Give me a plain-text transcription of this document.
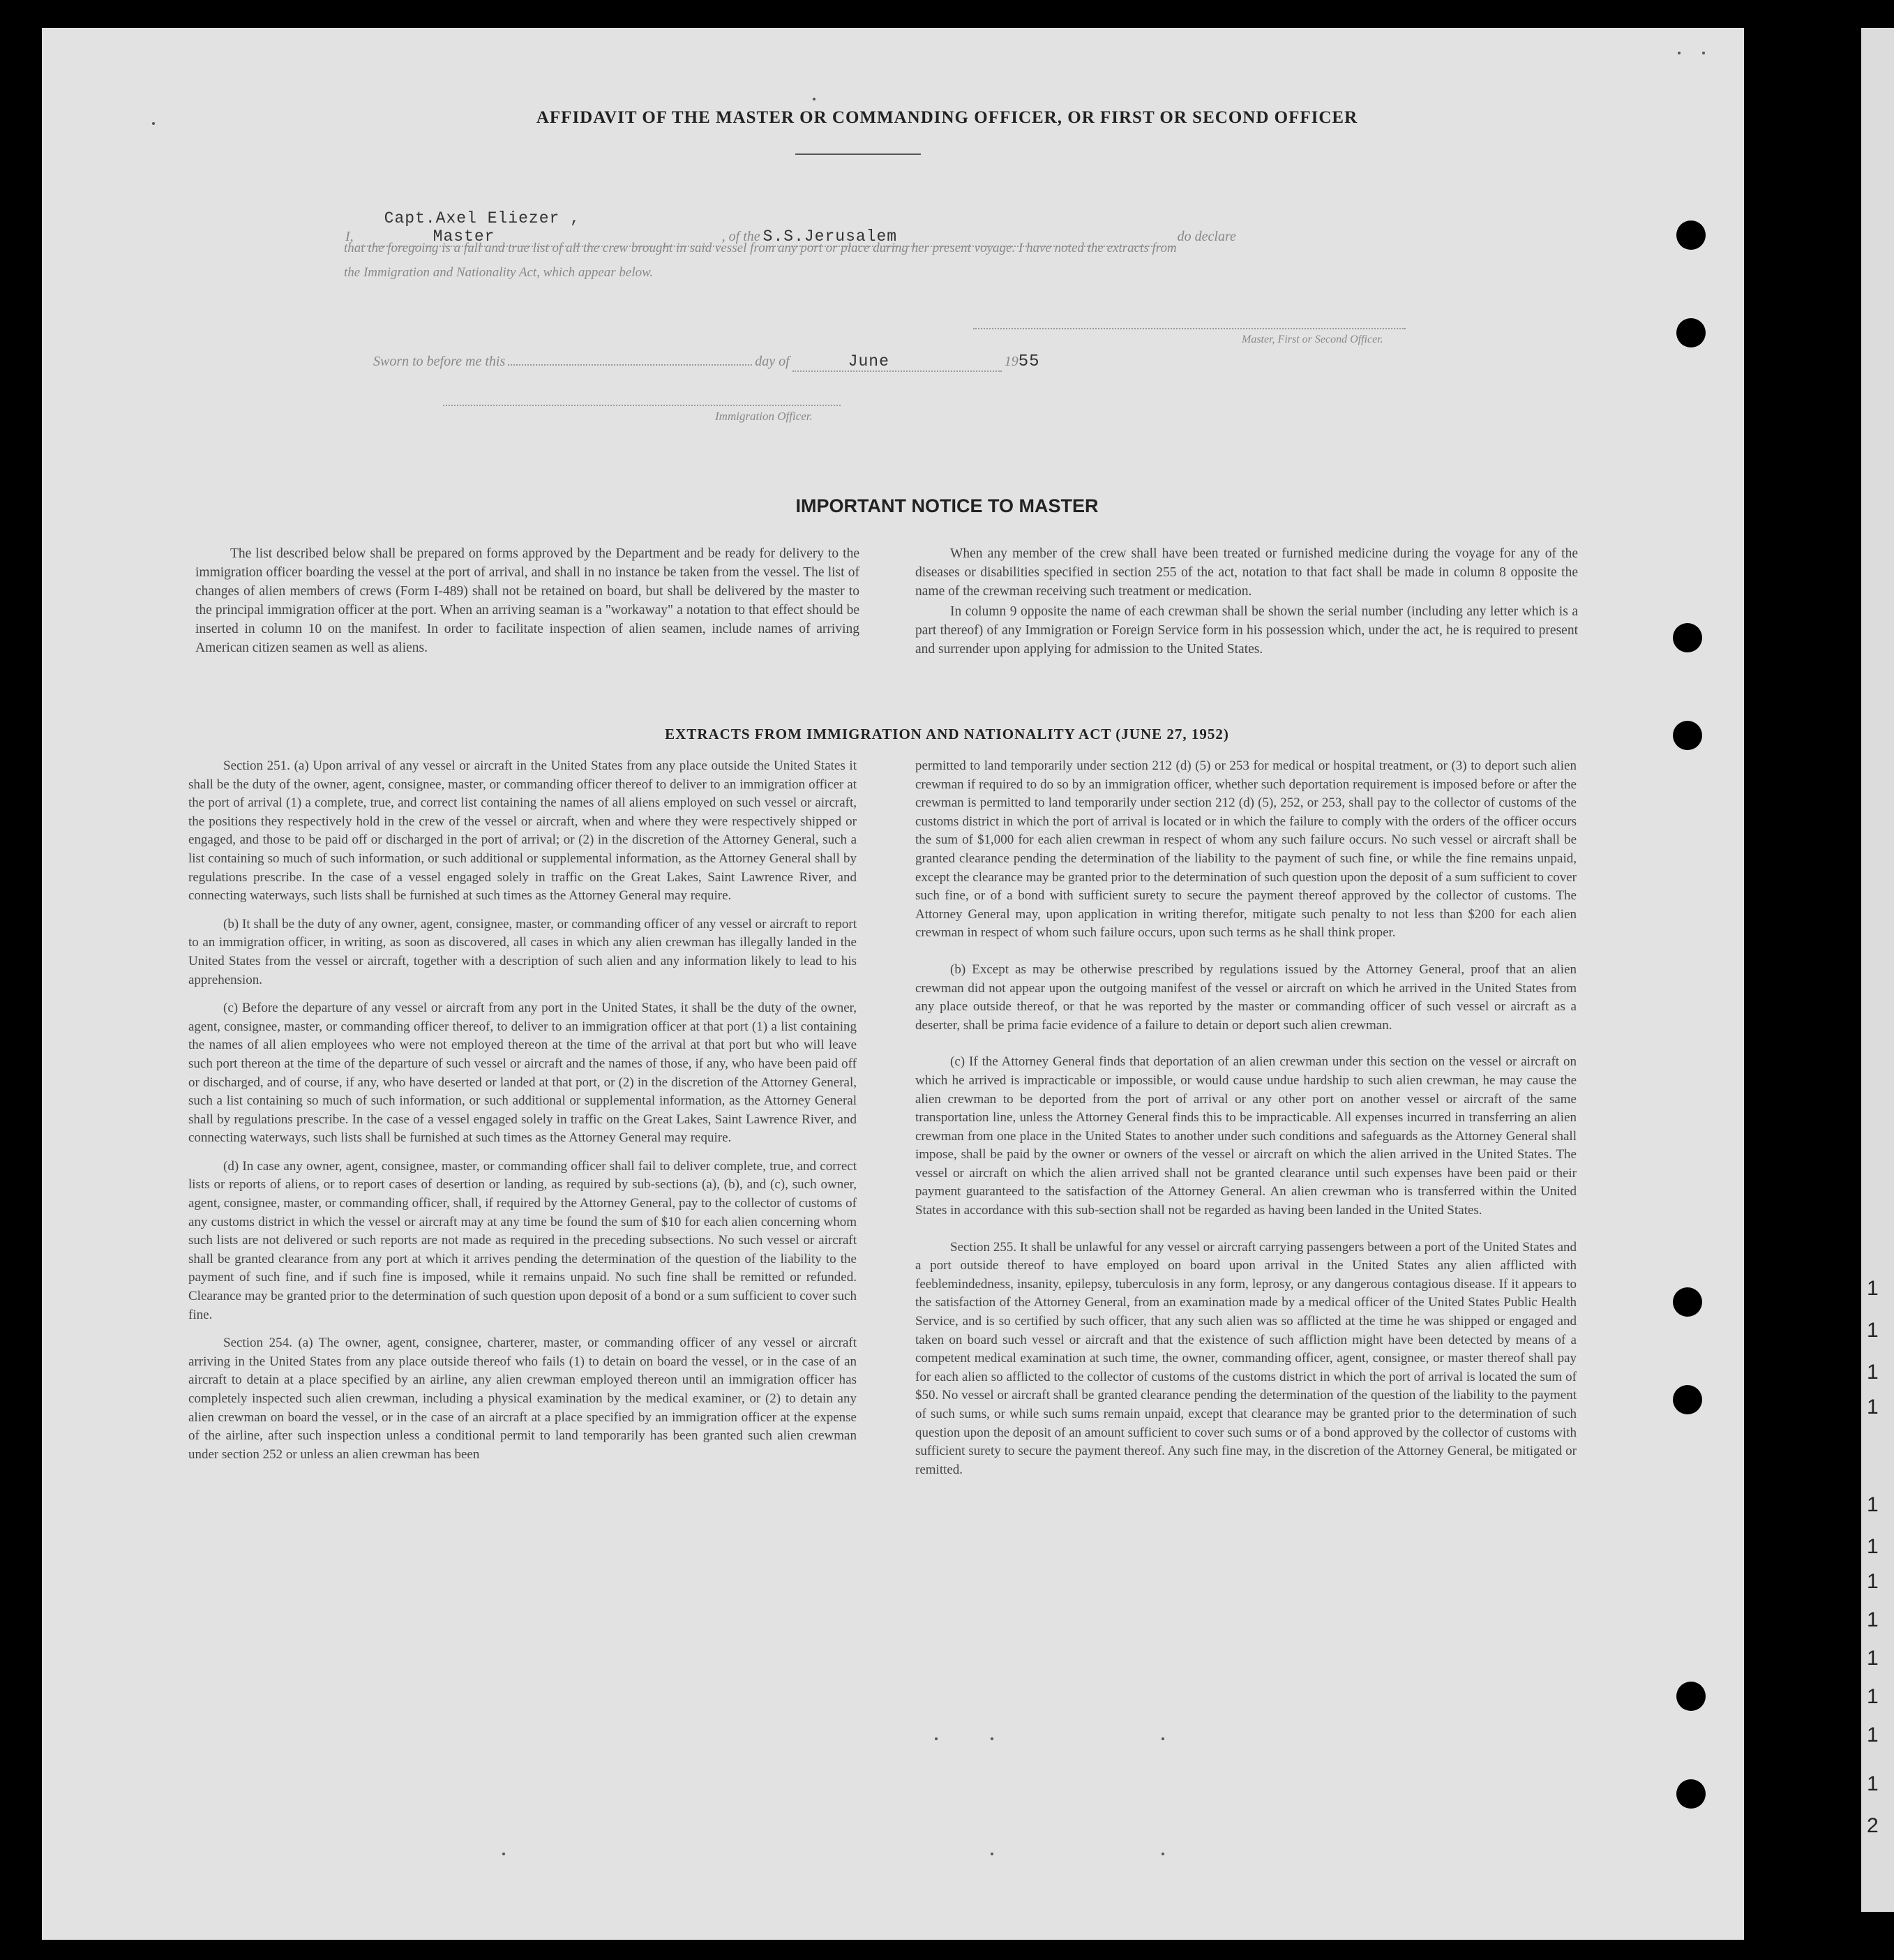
1
1
1
1
1
1
1
1
1
1
1
1
2
AFFIDAVIT OF THE MASTER OR COMMANDING OFFICER, OR FIRST OR SECOND OFFICER
I, Capt.Axel Eliezer , Master	, of the S.S.Jerusalem	do declare
that the foregoing is a full and true list of all the crew brought in said vessel from any port or place during her present voyage. I have noted the extracts from
the Immigration and Nationality Act, which appear below.
Master, First or Second Officer.
Sworn to before me this	day of	June	1955
Immigration Officer.
IMPORTANT NOTICE TO MASTER

The list described below shall be prepared on forms approved by the Department and be ready for delivery to the immigration officer boarding the vessel at the port of arrival, and shall in no instance be taken from the vessel. The list of changes of alien members of crews (Form I-489) shall not be retained on board, but shall be delivered by the master to the principal immigration officer at the port. When an arriving seaman is a "workaway" a notation to that effect should be inserted in column 10 on the manifest. In order to facilitate inspection of alien seamen, include names of arriving American citizen seamen as well as aliens.

When any member of the crew shall have been treated or furnished medicine during the voyage for any of the diseases or disabilities specified in section 255 of the act, notation to that fact shall be made in column 8 opposite the name of the crewman receiving such treatment or medication.

In column 9 opposite the name of each crewman shall be shown the serial number (including any letter which is a part thereof) of any Immigration or Foreign Service form in his possession which, under the act, he is required to present and surrender upon applying for admission to the United States.

EXTRACTS FROM IMMIGRATION AND NATIONALITY ACT (JUNE 27, 1952)

Section 251. (a) Upon arrival of any vessel or aircraft in the United States from any place outside the United States it shall be the duty of the owner, agent, consignee, master, or commanding officer thereof to deliver to an immigration officer at the port of arrival (1) a complete, true, and correct list containing the names of all aliens employed on such vessel or aircraft, the positions they respectively hold in the crew of the vessel or aircraft, when and where they were respectively shipped or engaged, and those to be paid off or discharged in the port of arrival; or (2) in the discretion of the Attorney General, such a list containing so much of such information, or such additional or supplemental information, as the Attorney General shall by regulations prescribe. In the case of a vessel engaged solely in traffic on the Great Lakes, Saint Lawrence River, and connecting waterways, such lists shall be furnished at such times as the Attorney General may require.

(b) It shall be the duty of any owner, agent, consignee, master, or commanding officer of any vessel or aircraft to report to an immigration officer, in writing, as soon as discovered, all cases in which any alien crewman has illegally landed in the United States from the vessel or aircraft, together with a description of such alien and any information likely to lead to his apprehension.

(c) Before the departure of any vessel or aircraft from any port in the United States, it shall be the duty of the owner, agent, consignee, master, or commanding officer thereof, to deliver to an immigration officer at that port (1) a list containing the names of all alien employees who were not employed thereon at the time of the arrival at that port but who will leave such port thereon at the time of the departure of such vessel or aircraft and the names of those, if any, who have been paid off or discharged, and of course, if any, who have deserted or landed at that port, or (2) in the discretion of the Attorney General, such a list containing so much of such information, or such additional or supplemental information, as the Attorney General shall by regulations prescribe. In the case of a vessel engaged solely in traffic on the Great Lakes, Saint Lawrence River, and connecting waterways, such lists shall be furnished at such times as the Attorney General may require.

(d) In case any owner, agent, consignee, master, or commanding officer shall fail to deliver complete, true, and correct lists or reports of aliens, or to report cases of desertion or landing, as required by sub-sections (a), (b), and (c), such owner, agent, consignee, master, or commanding officer, shall, if required by the Attorney General, pay to the collector of customs of any customs district in which the vessel or aircraft may at any time be found the sum of $10 for each alien concerning whom such lists are not delivered or such reports are not made as required in the preceding subsections. No such vessel or aircraft shall be granted clearance from any port at which it arrives pending the determination of the question of the liability to the payment of such fine, and if such fine is imposed, while it remains unpaid. No such fine shall be remitted or refunded. Clearance may be granted prior to the determination of such question upon deposit of a bond or a sum sufficient to cover such fine.

Section 254. (a) The owner, agent, consignee, charterer, master, or commanding officer of any vessel or aircraft arriving in the United States from any place outside thereof who fails (1) to detain on board the vessel, or in the case of an aircraft to detain at a place specified by an airline, any alien crewman employed thereon until an immigration officer has completely inspected such alien crewman, including a physical examination by the medical examiner, or (2) to detain any alien crewman on board the vessel, or in the case of an aircraft at a place specified by an immigration officer at the expense of the airline, after such inspection unless a conditional permit to land temporarily has been granted such alien crewman under section 252 or unless an alien crewman has been

permitted to land temporarily under section 212 (d) (5) or 253 for medical or hospital treatment, or (3) to deport such alien crewman if required to do so by an immigration officer, whether such deportation requirement is imposed before or after the crewman is permitted to land temporarily under section 212 (d) (5), 252, or 253, shall pay to the collector of customs of the customs district in which the port of arrival is located or in which the failure to comply with the orders of the officer occurs the sum of $1,000 for each alien crewman in respect of whom any such failure occurs. No such vessel or aircraft shall be granted clearance pending the determination of the liability to the payment of such fine, or while the fine remains unpaid, except the clearance may be granted prior to the determination of such question upon the deposit of a sum sufficient to cover such fine, or of a bond with sufficient surety to secure the payment thereof approved by the collector of customs. The Attorney General may, upon application in writing therefor, mitigate such penalty to not less than $200 for each alien crewman in respect of whom such failure occurs, upon such terms as he shall think proper.

(b) Except as may be otherwise prescribed by regulations issued by the Attorney General, proof that an alien crewman did not appear upon the outgoing manifest of the vessel or aircraft on which he arrived in the United States from any place outside thereof, or that he was reported by the master or commanding officer of such vessel or aircraft as a deserter, shall be prima facie evidence of a failure to detain or deport such alien crewman.

(c) If the Attorney General finds that deportation of an alien crewman under this section on the vessel or aircraft on which he arrived is impracticable or impossible, or would cause undue hardship to such alien crewman, he may cause the alien crewman to be deported from the port of arrival or any other port on another vessel or aircraft of the same transportation line, unless the Attorney General finds this to be impracticable. All expenses incurred in transferring an alien crewman from one place in the United States to another under such conditions and safeguards as the Attorney General shall impose, shall be paid by the owner or owners of the vessel or aircraft on which the alien arrived in the United States. The vessel or aircraft on which the alien arrived shall not be granted clearance until such expenses have been paid or their payment guaranteed to the satisfaction of the Attorney General. An alien crewman who is transferred within the United States in accordance with this sub-section shall not be regarded as having been landed in the United States.

Section 255. It shall be unlawful for any vessel or aircraft carrying passengers between a port of the United States and a port outside thereof to have employed on board upon arrival in the United States any alien afflicted with feeblemindedness, insanity, epilepsy, tuberculosis in any form, leprosy, or any dangerous contagious disease. If it appears to the satisfaction of the Attorney General, from an examination made by a medical officer of the United States Public Health Service, and is so certified by such officer, that any such alien was so afflicted at the time he was shipped or engaged and taken on board such vessel or aircraft and that the existence of such affliction might have been detected by means of a competent medical examination at such time, the owner, commanding officer, agent, consignee, or master thereof shall pay for each alien so afflicted to the collector of customs of the customs district in which the port of arrival is located the sum of $50. No vessel or aircraft shall be granted clearance pending the determination of the question of the liability to the payment of such sums, or while such sums remain unpaid, except that clearance may be granted prior to the determination of such question upon the deposit of an amount sufficient to cover such sums or of a bond approved by the collector of customs with sufficient surety to secure the payment thereof. Any such fine may, in the discretion of the Attorney General, be mitigated or remitted.
